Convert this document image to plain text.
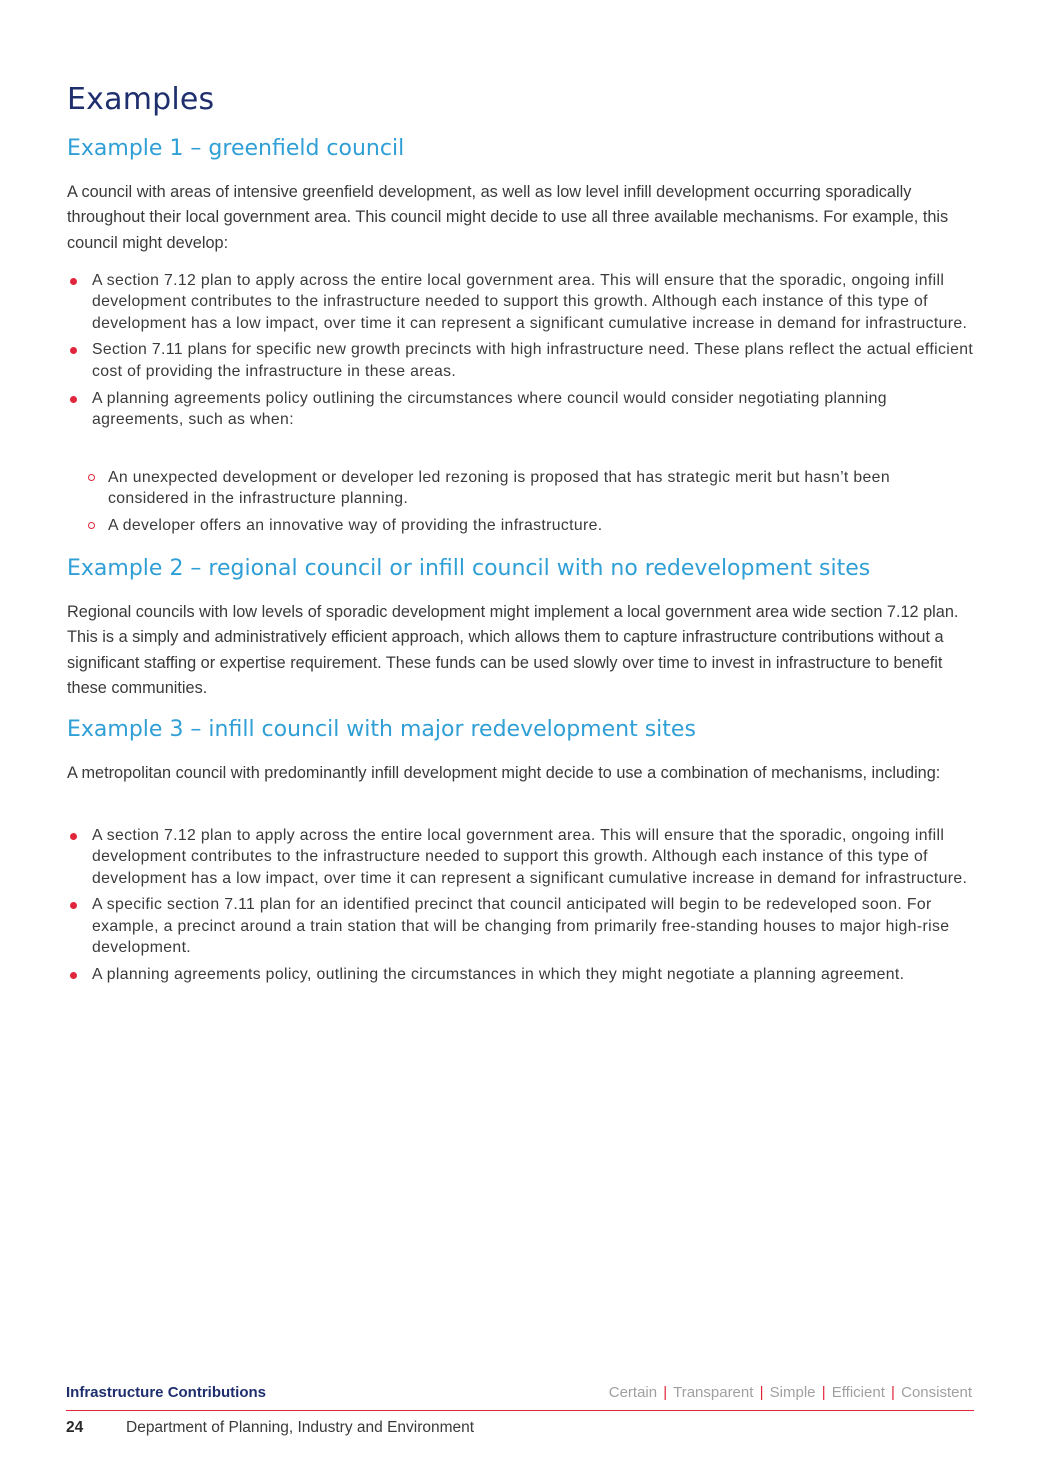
Examples
Example 1 – greenfield council

A council with areas of intensive greenfield development, as well as low level infill development occurring sporadically throughout their local government area. This council might decide to use all three available mechanisms. For example, this council might develop:

A section 7.12 plan to apply across the entire local government area. This will ensure that the sporadic, ongoing infill development contributes to the infrastructure needed to support this growth. Although each instance of this type of development has a low impact, over time it can represent a significant cumulative increase in demand for infrastructure.
Section 7.11 plans for specific new growth precincts with high infrastructure need. These plans reflect the actual efficient cost of providing the infrastructure in these areas.
A planning agreements policy outlining the circumstances where council would consider negotiating planning agreements, such as when:
An unexpected development or developer led rezoning is proposed that has strategic merit but hasn’t been considered in the infrastructure planning.
A developer offers an innovative way of providing the infrastructure.
Example 2 – regional council or infill council with no redevelopment sites

Regional councils with low levels of sporadic development might implement a local government area wide section 7.12 plan. This is a simply and administratively efficient approach, which allows them to capture infrastructure contributions without a significant staffing or expertise requirement. These funds can be used slowly over time to invest in infrastructure to benefit these communities.

Example 3 – infill council with major redevelopment sites

A metropolitan council with predominantly infill development might decide to use a combination of mechanisms, including:

A section 7.12 plan to apply across the entire local government area. This will ensure that the sporadic, ongoing infill development contributes to the infrastructure needed to support this growth. Although each instance of this type of development has a low impact, over time it can represent a significant cumulative increase in demand for infrastructure.
A specific section 7.11 plan for an identified precinct that council anticipated will begin to be redeveloped soon. For example, a precinct around a train station that will be changing from primarily free-standing houses to major high-rise development.
A planning agreements policy, outlining the circumstances in which they might negotiate a planning agreement.
Infrastructure Contributions	Certain | Transparent | Simple | Efficient | Consistent
24	Department of Planning, Industry and Environment
